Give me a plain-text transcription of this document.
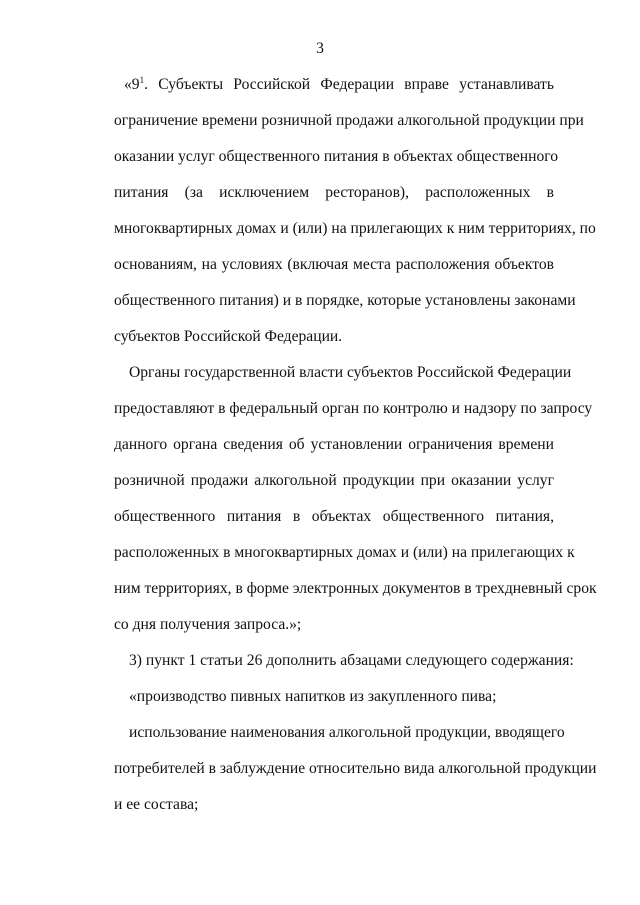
3
«$9^1$. Субъекты Российской Федерации вправе устанавливать
ограничение времени розничной продажи алкогольной продукции при
оказании услуг общественного питания в объектах общественного
питания (за исключением ресторанов), расположенных в
многоквартирных домах и (или) на прилегающих к ним территориях, по
основаниям, на условиях (включая места расположения объектов
общественного питания) и в порядке, которые установлены законами
субъектов Российской Федерации.
Органы государственной власти субъектов Российской Федерации
предоставляют в федеральный орган по контролю и надзору по запросу
данного органа сведения об установлении ограничения времени
розничной продажи алкогольной продукции при оказании услуг
общественного питания в объектах общественного питания,
расположенных в многоквартирных домах и (или) на прилегающих к
ним территориях, в форме электронных документов в трехдневный срок
со дня получения запроса.»;
3) пункт 1 статьи 26 дополнить абзацами следующего содержания:
«производство пивных напитков из закупленного пива;
использование наименования алкогольной продукции, вводящего
потребителей в заблуждение относительно вида алкогольной продукции
и ее состава;
